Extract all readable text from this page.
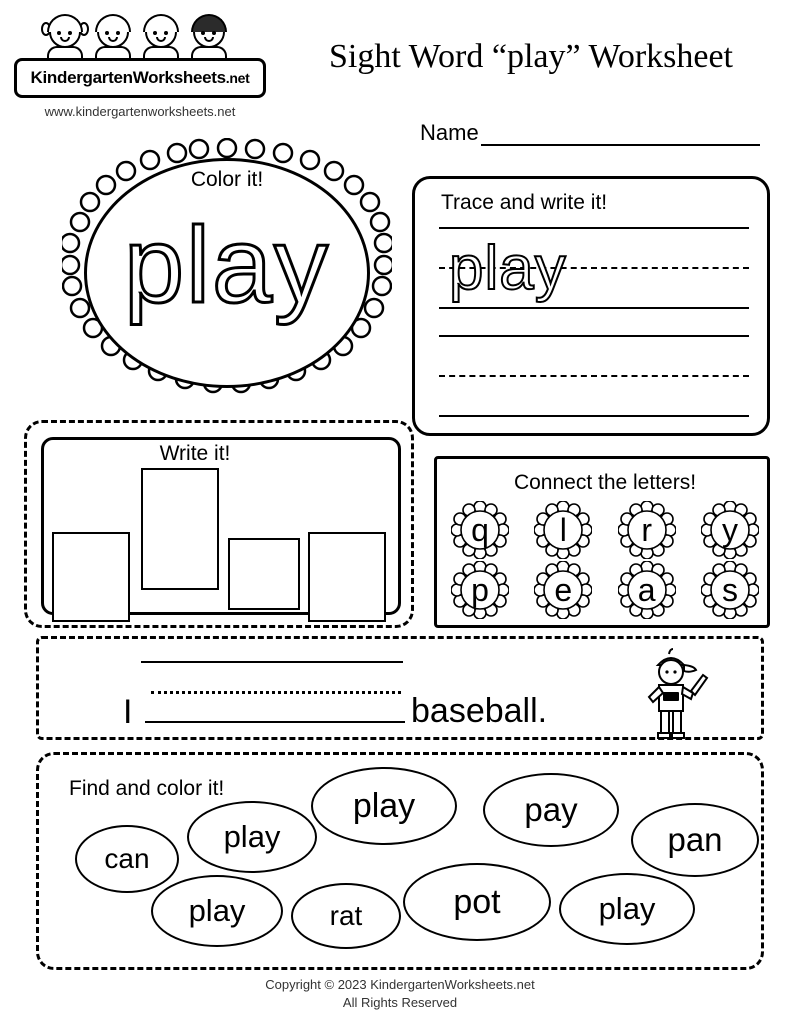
KindergartenWorksheets.net
www.kindergartenworksheets.net
Sight Word “play” Worksheet
Name
Color it!
play
Trace and write it!
play
Write it!
Connect the letters!
q	l	r	y
p	e	a	s
I	baseball.
Find and color it!
can
play
play	pay
pan
play	rat	pot	play
Copyright © 2023 KindergartenWorksheets.net
All Rights Reserved
